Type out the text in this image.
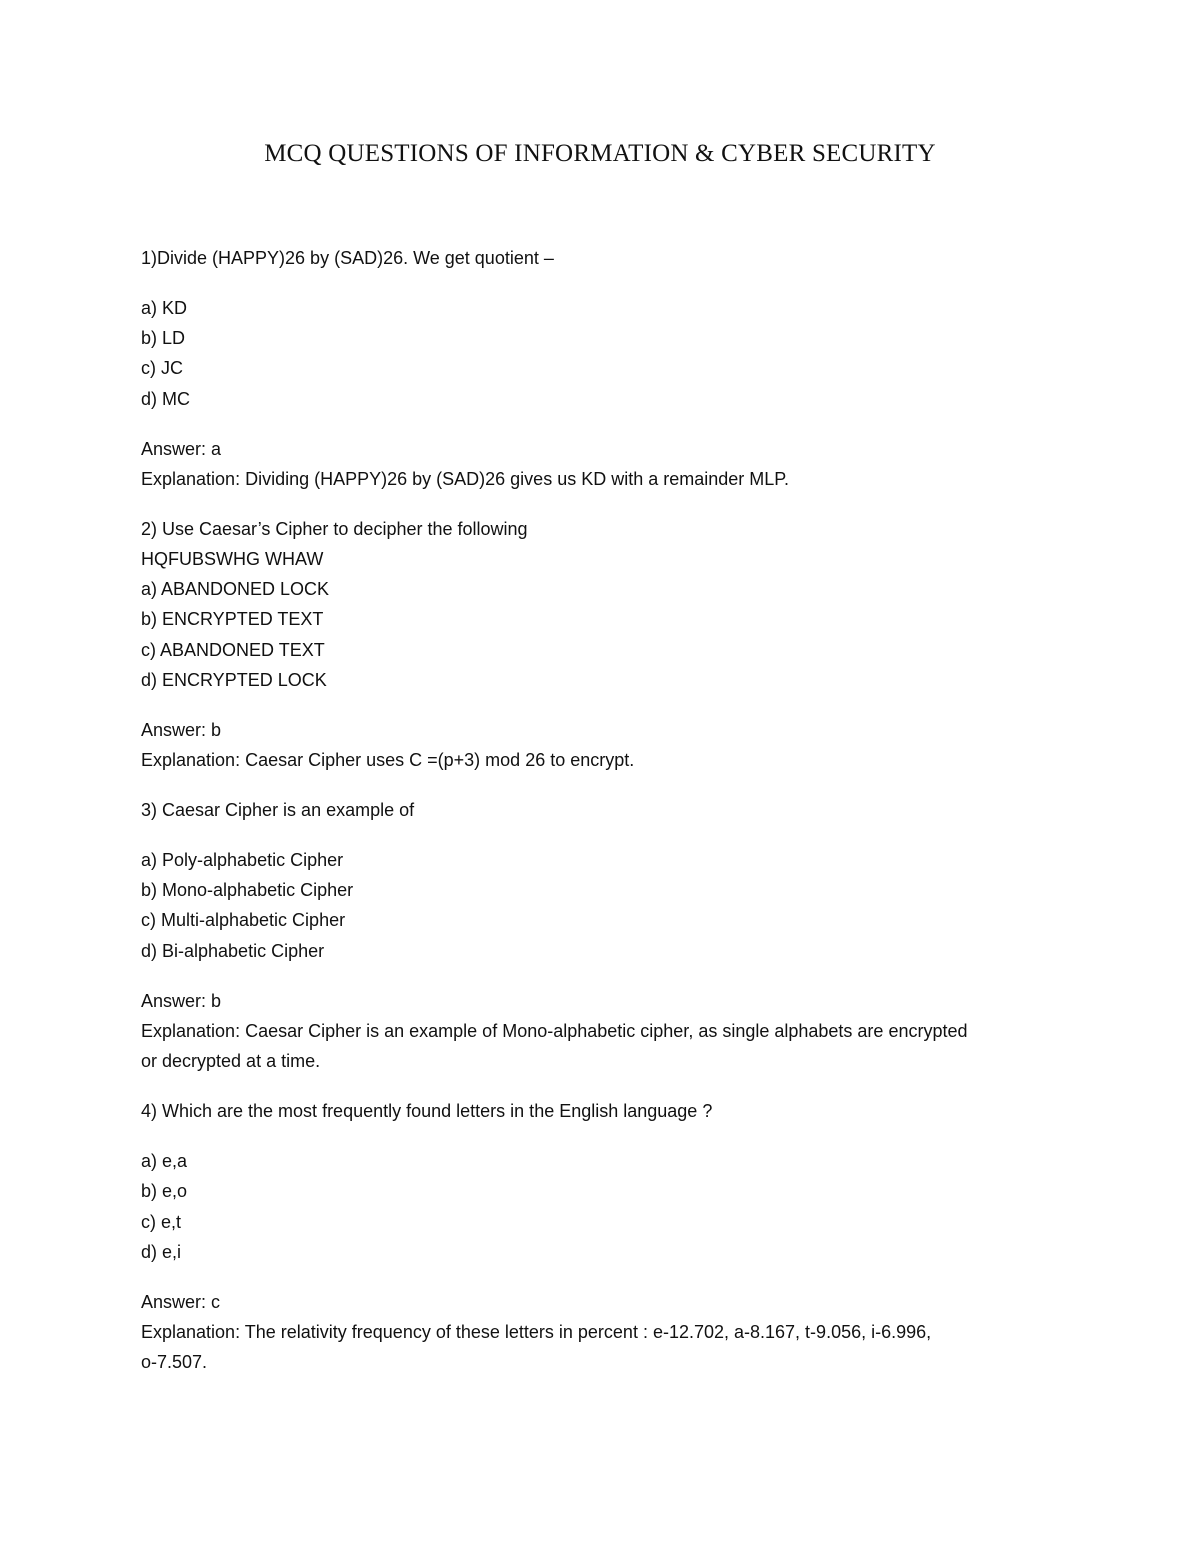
MCQ QUESTIONS OF INFORMATION & CYBER SECURITY
1)Divide (HAPPY)26 by (SAD)26. We get quotient –
a) KD
b) LD
c) JC
d) MC
Answer: a
Explanation: Dividing (HAPPY)26 by (SAD)26 gives us KD with a remainder MLP.
2) Use Caesar’s Cipher to decipher the following
HQFUBSWHG WHAW
a) ABANDONED LOCK
b) ENCRYPTED TEXT
c) ABANDONED TEXT
d) ENCRYPTED LOCK
Answer: b
Explanation: Caesar Cipher uses C =(p+3) mod 26 to encrypt.
3) Caesar Cipher is an example of
a) Poly-alphabetic Cipher
b) Mono-alphabetic Cipher
c) Multi-alphabetic Cipher
d) Bi-alphabetic Cipher
Answer: b
Explanation: Caesar Cipher is an example of Mono-alphabetic cipher, as single alphabets are encrypted
or decrypted at a time.
4) Which are the most frequently found letters in the English language ?
a) e,a
b) e,o
c) e,t
d) e,i
Answer: c
Explanation: The relativity frequency of these letters in percent : e-12.702, a-8.167, t-9.056, i-6.996,
o-7.507.
